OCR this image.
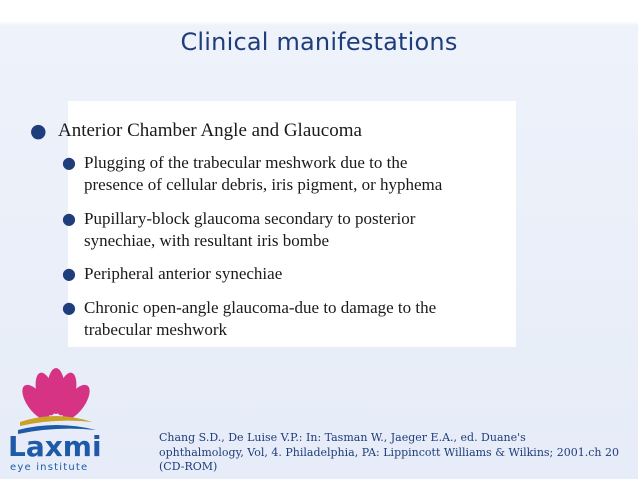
Clinical manifestations
● Anterior Chamber Angle and Glaucoma
● Plugging of the trabecular meshwork due to the
presence of cellular debris, iris pigment, or hyphema
● Pupillary-block glaucoma secondary to posterior
synechiae, with resultant iris bombe
● Peripheral anterior synechiae
● Chronic open-angle glaucoma-due to damage to the
trabecular meshwork
Laxmi
eye institute
Chang S.D., De Luise V.P.: In: Tasman W., Jaeger E.A., ed. Duane's
ophthalmology, Vol, 4. Philadelphia, PA: Lippincott Williams & Wilkins; 2001.ch 20
(CD-ROM)
